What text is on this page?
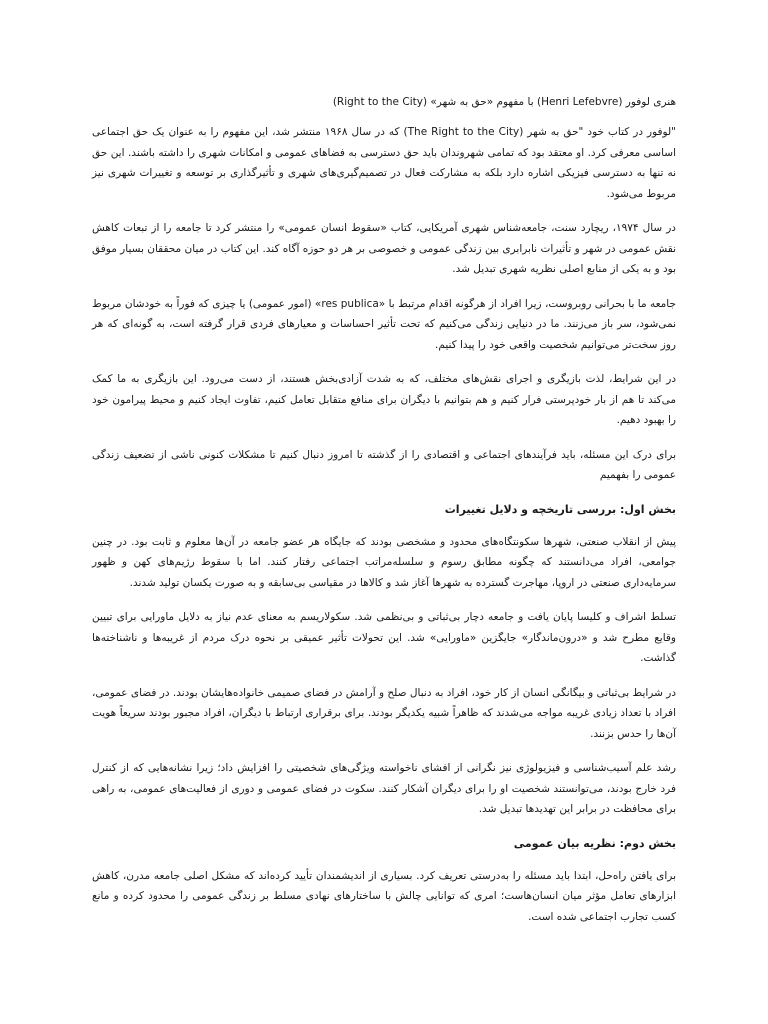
هنری لوفور (Henri Lefebvre) با مفهوم «حق به شهر» (Right to the City)

"لوفور در کتاب خود "حق به شهر (The Right to the City) که در سال ۱۹۶۸ منتشر شد، این مفهوم را به عنوان یک حق اجتماعی اساسی معرفی کرد. او معتقد بود که تمامی شهروندان باید حق دسترسی به فضاهای عمومی و امکانات شهری را داشته باشند. این حق نه تنها به دسترسی فیزیکی اشاره دارد بلکه به مشارکت فعال در تصمیم‌گیری‌های شهری و تأثیرگذاری بر توسعه و تغییرات شهری نیز مربوط می‌شود.

در سال ۱۹۷۴، ریچارد سنت، جامعه‌شناس شهری آمریکایی، کتاب «سقوط انسان عمومی» را منتشر کرد تا جامعه را از تبعات کاهش نقش عمومی در شهر و تأثیرات نابرابری بین زندگی عمومی و خصوصی بر هر دو حوزه آگاه کند. این کتاب در میان محققان بسیار موفق بود و به یکی از منابع اصلی نظریه شهری تبدیل شد.

جامعه ما با بحرانی روبروست، زیرا افراد از هرگونه اقدام مرتبط با «res publica» (امور عمومی) یا چیزی که فوراً به خودشان مربوط نمی‌شود، سر باز می‌زنند. ما در دنیایی زندگی می‌کنیم که تحت تأثیر احساسات و معیارهای فردی قرار گرفته است، به گونه‌ای که هر روز سخت‌تر می‌توانیم شخصیت واقعی خود را پیدا کنیم.

در این شرایط، لذت بازیگری و اجرای نقش‌های مختلف، که به شدت آزادی‌بخش هستند، از دست می‌رود. این بازیگری به ما کمک می‌کند تا هم از بار خودپرستی فرار کنیم و هم بتوانیم با دیگران برای منافع متقابل تعامل کنیم، تفاوت ایجاد کنیم و محیط پیرامون خود را بهبود دهیم.

برای درک این مسئله، باید فرآیندهای اجتماعی و اقتصادی را از گذشته تا امروز دنبال کنیم تا مشکلات کنونی ناشی از تضعیف زندگی عمومی را بفهمیم

بخش اول: بررسی تاریخچه و دلایل تغییرات

پیش از انقلاب صنعتی، شهرها سکونتگاه‌های محدود و مشخصی بودند که جایگاه هر عضو جامعه در آن‌ها معلوم و ثابت بود. در چنین جوامعی، افراد می‌دانستند که چگونه مطابق رسوم و سلسله‌مراتب اجتماعی رفتار کنند. اما با سقوط رژیم‌های کهن و ظهور سرمایه‌داری صنعتی در اروپا، مهاجرت گسترده به شهرها آغاز شد و کالاها در مقیاسی بی‌سابقه و به صورت یکسان تولید شدند.

تسلط اشراف و کلیسا پایان یافت و جامعه دچار بی‌ثباتی و بی‌نظمی شد. سکولاریسم به معنای عدم نیاز به دلایل ماورایی برای تبیین وقایع مطرح شد و «درون‌ماندگار» جایگزین «ماورایی» شد. این تحولات تأثیر عمیقی بر نحوه درک مردم از غریبه‌ها و ناشناخته‌ها گذاشت.

در شرایط بی‌ثباتی و بیگانگی انسان از کار خود، افراد به دنبال صلح و آرامش در فضای صمیمی خانواده‌هایشان بودند. در فضای عمومی، افراد با تعداد زیادی غریبه مواجه می‌شدند که ظاهراً شبیه یکدیگر بودند. برای برقراری ارتباط با دیگران، افراد مجبور بودند سریعاً هویت آن‌ها را حدس بزنند.

رشد علم آسیب‌شناسی و فیزیولوژی نیز نگرانی از افشای ناخواسته ویژگی‌های شخصیتی را افزایش داد؛ زیرا نشانه‌هایی که از کنترل فرد خارج بودند، می‌توانستند شخصیت او را برای دیگران آشکار کنند. سکوت در فضای عمومی و دوری از فعالیت‌های عمومی، به راهی برای محافظت در برابر این تهدیدها تبدیل شد.

بخش دوم: نظریه بیان عمومی

برای یافتن راه‌حل، ابتدا باید مسئله را به‌درستی تعریف کرد. بسیاری از اندیشمندان تأیید کرده‌اند که مشکل اصلی جامعه مدرن، کاهش ابزارهای تعامل مؤثر میان انسان‌هاست؛ امری که توانایی چالش با ساختارهای نهادی مسلط بر زندگی عمومی را محدود کرده و مانع کسب تجارب اجتماعی شده است.
